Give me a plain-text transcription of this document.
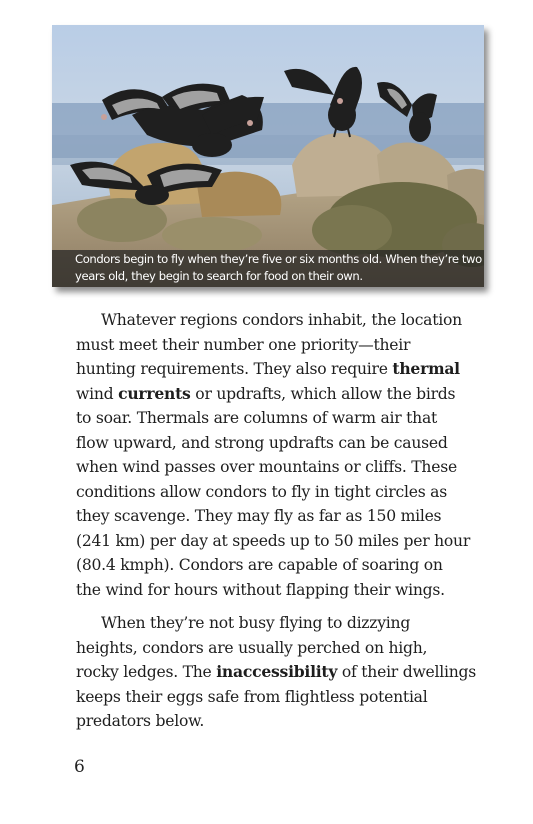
Condors begin to fly when they’re five or six months old. When they’re two
years old, they begin to search for food on their own.
Whatever regions condors inhabit, the location
must meet their number one priority—their
hunting requirements. They also require thermal
wind currents or updrafts, which allow the birds
to soar. Thermals are columns of warm air that
flow upward, and strong updrafts can be caused
when wind passes over mountains or cliffs. These
conditions allow condors to fly in tight circles as
they scavenge. They may fly as far as 150 miles
(241 km) per day at speeds up to 50 miles per hour
(80.4 kmph). Condors are capable of soaring on
the wind for hours without flapping their wings.
When they’re not busy flying to dizzying
heights, condors are usually perched on high,
rocky ledges. The inaccessibility of their dwellings
keeps their eggs safe from flightless potential
predators below.
6
